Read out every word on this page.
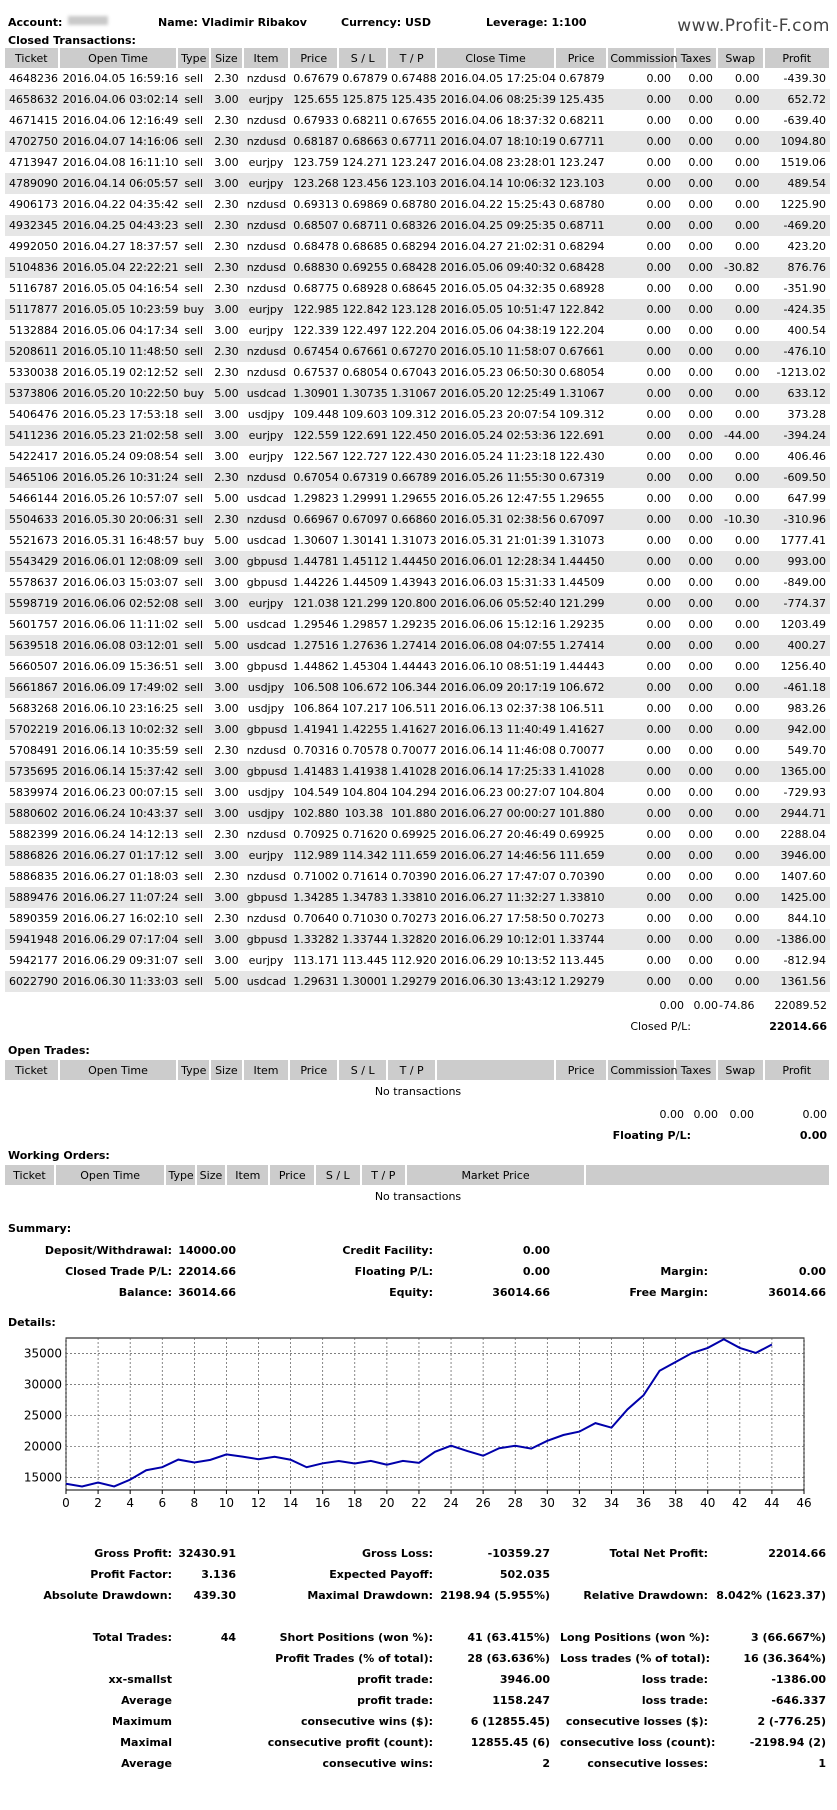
Account:	Name: Vladimir Ribakov	Currency: USD	Leverage: 1:100	www.Profit-F.com
Closed Transactions:
Ticket	Open Time	Type	Size	Item	Price	S / L	T / P	Close Time	Price	Commission	Taxes	Swap	Profit
4648236	2016.04.05 16:59:16	sell	2.30	nzdusd	0.67679	0.67879	0.67488	2016.04.05 17:25:04	0.67879	0.00	0.00	0.00	-439.30
4658632	2016.04.06 03:02:14	sell	3.00	eurjpy	125.655	125.875	125.435	2016.04.06 08:25:39	125.435	0.00	0.00	0.00	652.72
4671415	2016.04.06 12:16:49	sell	2.30	nzdusd	0.67933	0.68211	0.67655	2016.04.06 18:37:32	0.68211	0.00	0.00	0.00	-639.40
4702750	2016.04.07 14:16:06	sell	2.30	nzdusd	0.68187	0.68663	0.67711	2016.04.07 18:10:19	0.67711	0.00	0.00	0.00	1094.80
4713947	2016.04.08 16:11:10	sell	3.00	eurjpy	123.759	124.271	123.247	2016.04.08 23:28:01	123.247	0.00	0.00	0.00	1519.06
4789090	2016.04.14 06:05:57	sell	3.00	eurjpy	123.268	123.456	123.103	2016.04.14 10:06:32	123.103	0.00	0.00	0.00	489.54
4906173	2016.04.22 04:35:42	sell	2.30	nzdusd	0.69313	0.69869	0.68780	2016.04.22 15:25:43	0.68780	0.00	0.00	0.00	1225.90
4932345	2016.04.25 04:43:23	sell	2.30	nzdusd	0.68507	0.68711	0.68326	2016.04.25 09:25:35	0.68711	0.00	0.00	0.00	-469.20
4992050	2016.04.27 18:37:57	sell	2.30	nzdusd	0.68478	0.68685	0.68294	2016.04.27 21:02:31	0.68294	0.00	0.00	0.00	423.20
5104836	2016.05.04 22:22:21	sell	2.30	nzdusd	0.68830	0.69255	0.68428	2016.05.06 09:40:32	0.68428	0.00	0.00	-30.82	876.76
5116787	2016.05.05 04:16:54	sell	2.30	nzdusd	0.68775	0.68928	0.68645	2016.05.05 04:32:35	0.68928	0.00	0.00	0.00	-351.90
5117877	2016.05.05 10:23:59	buy	3.00	eurjpy	122.985	122.842	123.128	2016.05.05 10:51:47	122.842	0.00	0.00	0.00	-424.35
5132884	2016.05.06 04:17:34	sell	3.00	eurjpy	122.339	122.497	122.204	2016.05.06 04:38:19	122.204	0.00	0.00	0.00	400.54
5208611	2016.05.10 11:48:50	sell	2.30	nzdusd	0.67454	0.67661	0.67270	2016.05.10 11:58:07	0.67661	0.00	0.00	0.00	-476.10
5330038	2016.05.19 02:12:52	sell	2.30	nzdusd	0.67537	0.68054	0.67043	2016.05.23 06:50:30	0.68054	0.00	0.00	0.00	-1213.02
5373806	2016.05.20 10:22:50	buy	5.00	usdcad	1.30901	1.30735	1.31067	2016.05.20 12:25:49	1.31067	0.00	0.00	0.00	633.12
5406476	2016.05.23 17:53:18	sell	3.00	usdjpy	109.448	109.603	109.312	2016.05.23 20:07:54	109.312	0.00	0.00	0.00	373.28
5411236	2016.05.23 21:02:58	sell	3.00	eurjpy	122.559	122.691	122.450	2016.05.24 02:53:36	122.691	0.00	0.00	-44.00	-394.24
5422417	2016.05.24 09:08:54	sell	3.00	eurjpy	122.567	122.727	122.430	2016.05.24 11:23:18	122.430	0.00	0.00	0.00	406.46
5465106	2016.05.26 10:31:24	sell	2.30	nzdusd	0.67054	0.67319	0.66789	2016.05.26 11:55:30	0.67319	0.00	0.00	0.00	-609.50
5466144	2016.05.26 10:57:07	sell	5.00	usdcad	1.29823	1.29991	1.29655	2016.05.26 12:47:55	1.29655	0.00	0.00	0.00	647.99
5504633	2016.05.30 20:06:31	sell	2.30	nzdusd	0.66967	0.67097	0.66860	2016.05.31 02:38:56	0.67097	0.00	0.00	-10.30	-310.96
5521673	2016.05.31 16:48:57	buy	5.00	usdcad	1.30607	1.30141	1.31073	2016.05.31 21:01:39	1.31073	0.00	0.00	0.00	1777.41
5543429	2016.06.01 12:08:09	sell	3.00	gbpusd	1.44781	1.45112	1.44450	2016.06.01 12:28:34	1.44450	0.00	0.00	0.00	993.00
5578637	2016.06.03 15:03:07	sell	3.00	gbpusd	1.44226	1.44509	1.43943	2016.06.03 15:31:33	1.44509	0.00	0.00	0.00	-849.00
5598719	2016.06.06 02:52:08	sell	3.00	eurjpy	121.038	121.299	120.800	2016.06.06 05:52:40	121.299	0.00	0.00	0.00	-774.37
5601757	2016.06.06 11:11:02	sell	5.00	usdcad	1.29546	1.29857	1.29235	2016.06.06 15:12:16	1.29235	0.00	0.00	0.00	1203.49
5639518	2016.06.08 03:12:01	sell	5.00	usdcad	1.27516	1.27636	1.27414	2016.06.08 04:07:55	1.27414	0.00	0.00	0.00	400.27
5660507	2016.06.09 15:36:51	sell	3.00	gbpusd	1.44862	1.45304	1.44443	2016.06.10 08:51:19	1.44443	0.00	0.00	0.00	1256.40
5661867	2016.06.09 17:49:02	sell	3.00	usdjpy	106.508	106.672	106.344	2016.06.09 20:17:19	106.672	0.00	0.00	0.00	-461.18
5683268	2016.06.10 23:16:25	sell	3.00	usdjpy	106.864	107.217	106.511	2016.06.13 02:37:38	106.511	0.00	0.00	0.00	983.26
5702219	2016.06.13 10:02:32	sell	3.00	gbpusd	1.41941	1.42255	1.41627	2016.06.13 11:40:49	1.41627	0.00	0.00	0.00	942.00
5708491	2016.06.14 10:35:59	sell	2.30	nzdusd	0.70316	0.70578	0.70077	2016.06.14 11:46:08	0.70077	0.00	0.00	0.00	549.70
5735695	2016.06.14 15:37:42	sell	3.00	gbpusd	1.41483	1.41938	1.41028	2016.06.14 17:25:33	1.41028	0.00	0.00	0.00	1365.00
5839974	2016.06.23 00:07:15	sell	3.00	usdjpy	104.549	104.804	104.294	2016.06.23 00:27:07	104.804	0.00	0.00	0.00	-729.93
5880602	2016.06.24 10:43:37	sell	3.00	usdjpy	102.880	103.38	101.880	2016.06.27 00:00:27	101.880	0.00	0.00	0.00	2944.71
5882399	2016.06.24 14:12:13	sell	2.30	nzdusd	0.70925	0.71620	0.69925	2016.06.27 20:46:49	0.69925	0.00	0.00	0.00	2288.04
5886826	2016.06.27 01:17:12	sell	3.00	eurjpy	112.989	114.342	111.659	2016.06.27 14:46:56	111.659	0.00	0.00	0.00	3946.00
5886835	2016.06.27 01:18:03	sell	2.30	nzdusd	0.71002	0.71614	0.70390	2016.06.27 17:47:07	0.70390	0.00	0.00	0.00	1407.60
5889476	2016.06.27 11:07:24	sell	3.00	gbpusd	1.34285	1.34783	1.33810	2016.06.27 11:32:27	1.33810	0.00	0.00	0.00	1425.00
5890359	2016.06.27 16:02:10	sell	2.30	nzdusd	0.70640	0.71030	0.70273	2016.06.27 17:58:50	0.70273	0.00	0.00	0.00	844.10
5941948	2016.06.29 07:17:04	sell	3.00	gbpusd	1.33282	1.33744	1.32820	2016.06.29 10:12:01	1.33744	0.00	0.00	0.00	-1386.00
5942177	2016.06.29 09:31:07	sell	3.00	eurjpy	113.171	113.445	112.920	2016.06.29 10:13:52	113.445	0.00	0.00	0.00	-812.94
6022790	2016.06.30 11:33:03	sell	5.00	usdcad	1.29631	1.30001	1.29279	2016.06.30 13:43:12	1.29279	0.00	0.00	0.00	1361.56
0.00 0.00 -74.86	22089.52
Closed P/L:	22014.66
Open Trades:
Ticket	Open Time	Type	Size	Item	Price	S / L	T / P		Price	Commission	Taxes	Swap	Profit
No transactions
0.00 0.00	0.00	0.00
Floating P/L:	0.00
Working Orders:
Ticket	Open Time	Type	Size	Item	Price	S / L	T / P	Market Price	
No transactions
Summary:
Deposit/Withdrawal: 14000.00	Credit Facility:	0.00
Closed Trade P/L: 22014.66	Floating P/L:	0.00	Margin:	0.00
Balance: 36014.66	Equity:	36014.66	Free Margin:	36014.66
Details:
15000
20000
25000
30000
35000
0 2 4 6 8 10 12 14 16 18 20 22 24 26 28 30 32 34 36 38 40 42 44 46
Gross Profit: 32430.91	Gross Loss:	-10359.27	Total Net Profit:	22014.66
Profit Factor:	3.136	Expected Payoff:	502.035
Absolute Drawdown:	439.30	Maximal Drawdown: 2198.94 (5.955%)	Relative Drawdown: 8.042% (1623.37)
Total Trades:	44	Short Positions (won %):	41 (63.415%) Long Positions (won %):	3 (66.667%)
Profit Trades (% of total):	28 (63.636%) Loss trades (% of total):	16 (36.364%)
xx-smallst	profit trade:	3946.00	loss trade:	-1386.00
Average	profit trade:	1158.247	loss trade:	-646.337
Maximum	consecutive wins ($):	6 (12855.45)	consecutive losses ($):	2 (-776.25)
Maximal	consecutive profit (count):	12855.45 (6) consecutive loss (count):	-2198.94 (2)
Average	consecutive wins:	2	consecutive losses:	1
